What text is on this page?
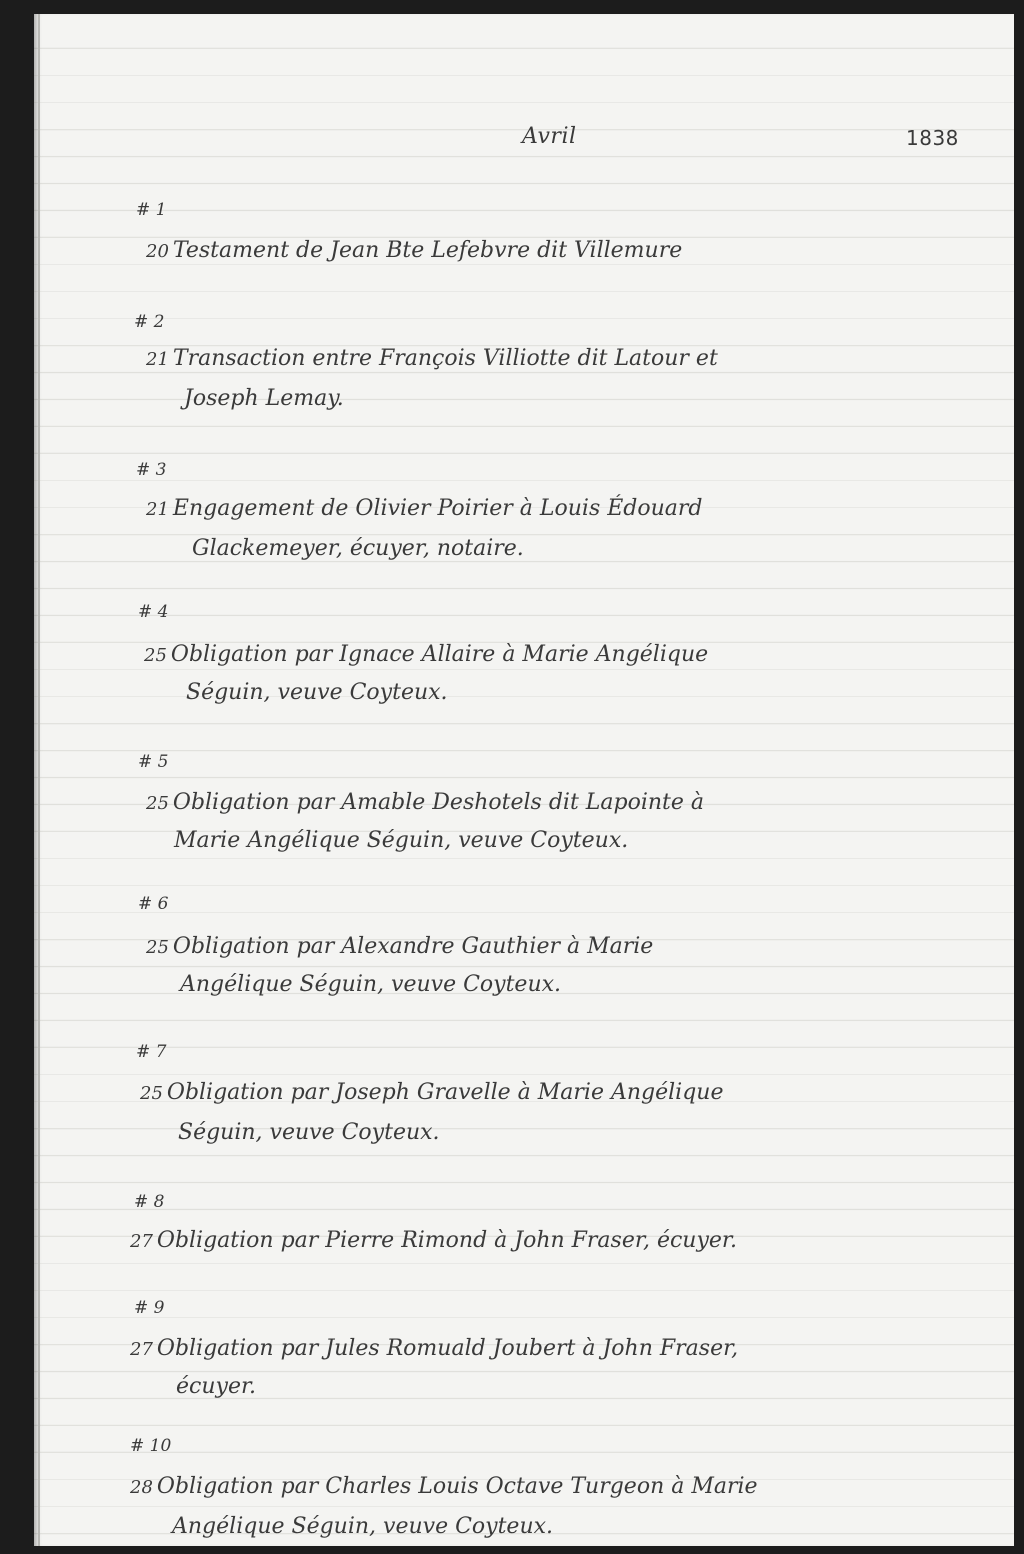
Avril	1838
# 1
20 Testament de Jean Bte Lefebvre dit Villemure
# 2
21 Transaction entre François Villiotte dit Latour et
Joseph Lemay.
# 3
21 Engagement de Olivier Poirier à Louis Édouard
Glackemeyer, écuyer, notaire.
# 4
25 Obligation par Ignace Allaire à Marie Angélique
Séguin, veuve Coyteux.
# 5
25 Obligation par Amable Deshotels dit Lapointe à
Marie Angélique Séguin, veuve Coyteux.
# 6
25 Obligation par Alexandre Gauthier à Marie
Angélique Séguin, veuve Coyteux.
# 7
25 Obligation par Joseph Gravelle à Marie Angélique
Séguin, veuve Coyteux.
# 8
27 Obligation par Pierre Rimond à John Fraser, écuyer.
# 9
27 Obligation par Jules Romuald Joubert à John Fraser,
écuyer.
# 10
28 Obligation par Charles Louis Octave Turgeon à Marie
Angélique Séguin, veuve Coyteux.
